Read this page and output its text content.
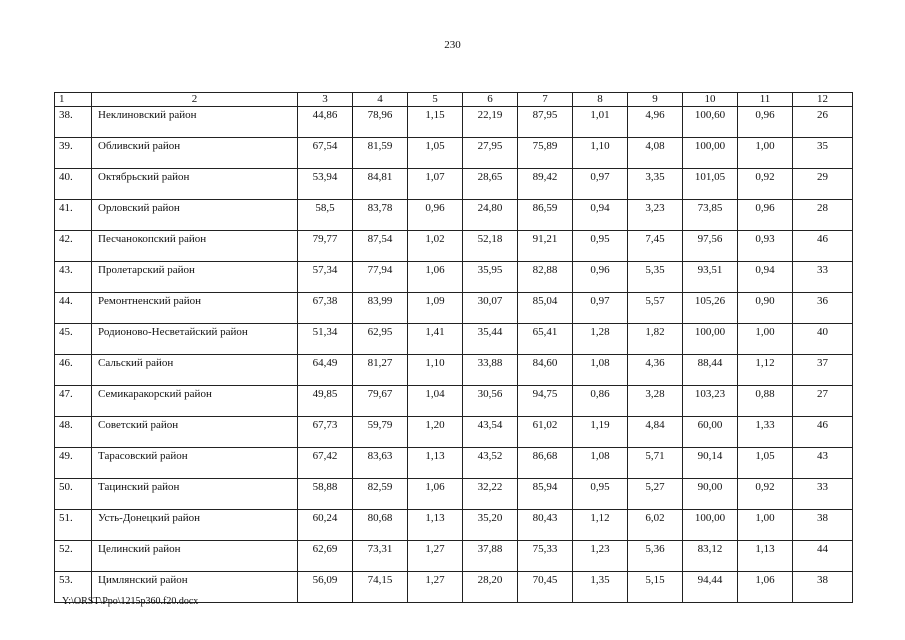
230
1	2	3	4	5	6	7	8	9	10	11	12
38.	Неклиновский район	44,86	78,96	1,15	22,19	87,95	1,01	4,96	100,60	0,96	26
39.	Обливский район	67,54	81,59	1,05	27,95	75,89	1,10	4,08	100,00	1,00	35
40.	Октябрьский район	53,94	84,81	1,07	28,65	89,42	0,97	3,35	101,05	0,92	29
41.	Орловский район	58,5	83,78	0,96	24,80	86,59	0,94	3,23	73,85	0,96	28
42.	Песчанокопский район	79,77	87,54	1,02	52,18	91,21	0,95	7,45	97,56	0,93	46
43.	Пролетарский район	57,34	77,94	1,06	35,95	82,88	0,96	5,35	93,51	0,94	33
44.	Ремонтненский район	67,38	83,99	1,09	30,07	85,04	0,97	5,57	105,26	0,90	36
45.	Родионово-Несветайский район	51,34	62,95	1,41	35,44	65,41	1,28	1,82	100,00	1,00	40
46.	Сальский район	64,49	81,27	1,10	33,88	84,60	1,08	4,36	88,44	1,12	37
47.	Семикаракорский район	49,85	79,67	1,04	30,56	94,75	0,86	3,28	103,23	0,88	27
48.	Советский район	67,73	59,79	1,20	43,54	61,02	1,19	4,84	60,00	1,33	46
49.	Тарасовский район	67,42	83,63	1,13	43,52	86,68	1,08	5,71	90,14	1,05	43
50.	Тацинский район	58,88	82,59	1,06	32,22	85,94	0,95	5,27	90,00	0,92	33
51.	Усть-Донецкий район	60,24	80,68	1,13	35,20	80,43	1,12	6,02	100,00	1,00	38
52.	Целинский район	62,69	73,31	1,27	37,88	75,33	1,23	5,36	83,12	1,13	44
53.	Цимлянский район	56,09	74,15	1,27	28,20	70,45	1,35	5,15	94,44	1,06	38
Y:\ORST\Ppo\1215p360.f20.docx
